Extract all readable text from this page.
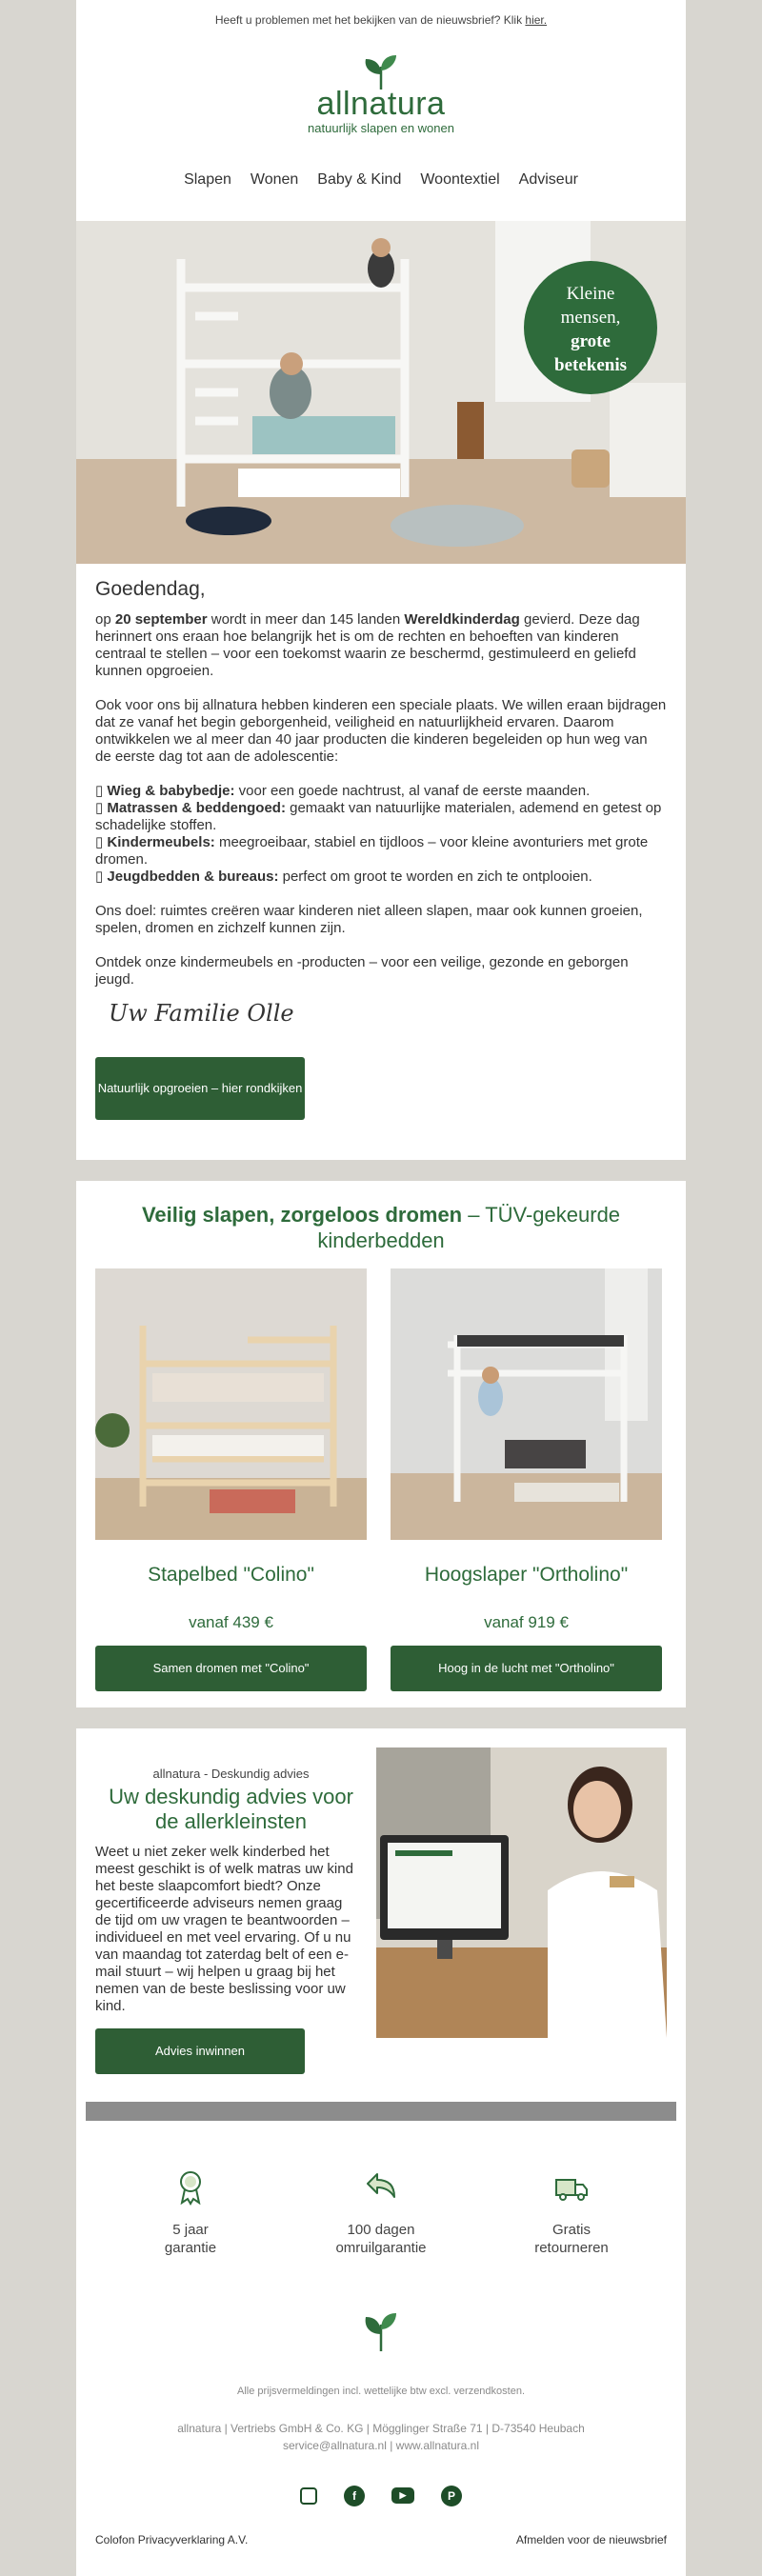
Heeft u problemen met het bekijken van de nieuwsbrief? Klik hier.
allnatura
natuurlijk slapen en wonen
Slapen	Wonen	Baby & Kind	Woontextiel	Adviseur
Kleine
mensen,
grote
betekenis
Goedendag,

op 20 september wordt in meer dan 145 landen Wereldkinderdag gevierd. Deze dag herinnert ons eraan hoe belangrijk het is om de rechten en behoeften van kinderen centraal te stellen – voor een toekomst waarin ze beschermd, gestimuleerd en geliefd kunnen opgroeien.

Ook voor ons bij allnatura hebben kinderen een speciale plaats. We willen eraan bijdragen dat ze vanaf het begin geborgenheid, veiligheid en natuurlijkheid ervaren. Daarom ontwikkelen we al meer dan 40 jaar producten die kinderen begeleiden op hun weg van de eerste dag tot aan de adolescentie:

▯ Wieg & babybedje: voor een goede nachtrust, al vanaf de eerste maanden.
▯ Matrassen & beddengoed: gemaakt van natuurlijke materialen, ademend en getest op schadelijke stoffen.
▯ Kindermeubels: meegroeibaar, stabiel en tijdloos – voor kleine avonturiers met grote dromen.
▯ Jeugdbedden & bureaus: perfect om groot te worden en zich te ontplooien.

Ons doel: ruimtes creëren waar kinderen niet alleen slapen, maar ook kunnen groeien, spelen, dromen en zichzelf kunnen zijn.

Ontdek onze kindermeubels en -producten – voor een veilige, gezonde en geborgen jeugd.

Uw Familie Olle
Natuurlijk opgroeien – hier rondkijken
Veilig slapen, zorgeloos dromen – TÜV-gekeurde kinderbedden
Stapelbed "Colino"
vanaf 439 €
Samen dromen met "Colino"
Hoogslaper "Ortholino"
vanaf 919 €
Hoog in de lucht met "Ortholino"
allnatura - Deskundig advies
Uw deskundig advies voor de allerkleinsten
Weet u niet zeker welk kinderbed het meest geschikt is of welk matras uw kind het beste slaapcomfort biedt? Onze gecertificeerde adviseurs nemen graag de tijd om uw vragen te beantwoorden – individueel en met veel ervaring. Of u nu van maandag tot zaterdag belt of een e-mail stuurt – wij helpen u graag bij het nemen van de beste beslissing voor uw kind.
Advies inwinnen
5 jaar
garantie
100 dagen
omruilgarantie
Gratis
retourneren
Alle prijsvermeldingen incl. wettelijke btw excl. verzendkosten.
allnatura | Vertriebs GmbH & Co. KG | Mögglinger Straße 71 | D-73540 Heubach
service@allnatura.nl | www.allnatura.nl
f	▶	P
Colofon Privacyverklaring A.V.	Afmelden voor de nieuwsbrief
